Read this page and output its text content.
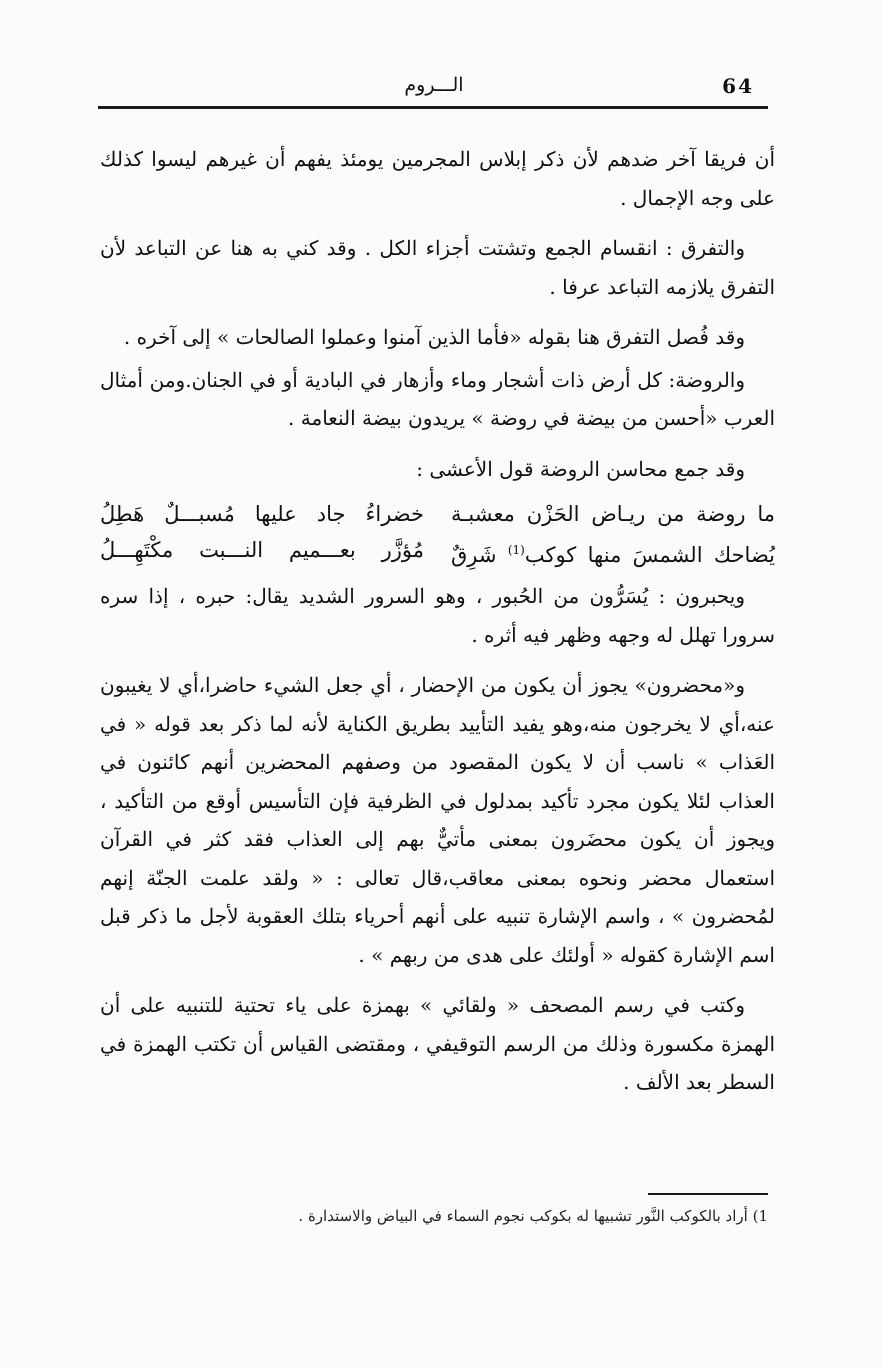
64
الـــروم

أن فريقا آخر ضدهم لأن ذكر إبلاس المجرمين يومئذ يفهم أن غيرهم ليسوا كذلك على وجه الإجمال .

والتفرق : انقسام الجمع وتشتت أجزاء الكل . وقد كني به هنا عن التباعد لأن التفرق يلازمه التباعد عرفا .

وقد فُصل التفرق هنا بقوله «فأما الذين آمنوا وعملوا الصالحات » إلى آخره .

والروضة: كل أرض ذات أشجار وماء وأزهار في البادية أو في الجنان.ومن أمثال العرب «أحسن من بيضة في روضة » يريدون بيضة النعامة .

وقد جمع محاسن الروضة قول الأعشى :

ما روضة من ريـاض الحَزْن معشبـة
خضراءُ جاد عليها مُسبـــلٌ هَطِلُ
يُضاحك الشمسَ منها كوكب$^{(1)}$ شَرِقٌ
مُؤزَّر بعـــميم النـــبت مكْتَهِـــلُ

ويحبرون : يُسَرُّون من الحُبور ، وهو السرور الشديد يقال: حبره ، إذا سره سرورا تهلل له وجهه وظهر فيه أثره .

و«محضرون» يجوز أن يكون من الإحضار ، أي جعل الشيء حاضرا،أي لا يغيبون عنه،أي لا يخرجون منه،وهو يفيد التأييد بطريق الكناية لأنه لما ذكر بعد قوله « في العَذاب » ناسب أن لا يكون المقصود من وصفهم المحضرين أنهم كائنون في العذاب لئلا يكون مجرد تأكيد بمدلول في الظرفية فإن التأسيس أوقع من التأكيد ، ويجوز أن يكون محضَرون بمعنى مأتيٌّ بهم إلى العذاب فقد كثر في القرآن استعمال محضر ونحوه بمعنى معاقب،قال تعالى : « ولقد علمت الجنّة إنهم لمُحضرون » ، واسم الإشارة تنبيه على أنهم أحرياء بتلك العقوبة لأجل ما ذكر قبل اسم الإشارة كقوله « أولئك على هدى من ربهم » .

وكتب في رسم المصحف « ولقائي » بهمزة على ياء تحتية للتنبيه على أن الهمزة مكسورة وذلك من الرسم التوقيفي ، ومقتضى القياس أن تكتب الهمزة في السطر بعد الألف .

1) أراد بالكوكب النَّور تشبيها له بكوكب نجوم السماء في البياض والاستدارة .
